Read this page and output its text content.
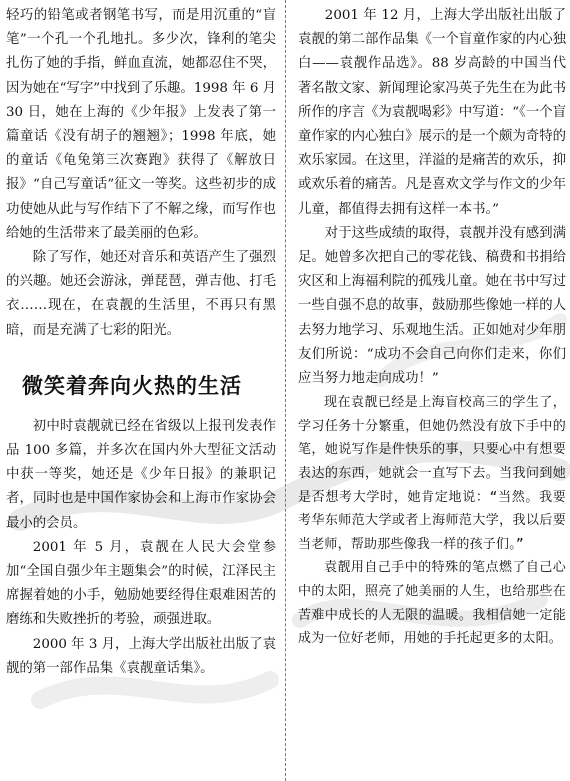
轻巧的铅笔或者钢笔书写，而是用沉重的“盲笔”一个孔一个孔地扎。多少次，锋利的笔尖扎伤了她的手指，鲜血直流，她都忍住不哭，因为她在“写字”中找到了乐趣。1998 年 6 月 30 日，她在上海的《少年报》上发表了第一篇童话《没有胡子的翘翘》；1998 年底，她的童话《龟兔第三次赛跑》获得了《解放日报》“自己写童话”征文一等奖。这些初步的成功使她从此与写作结下了不解之缘，而写作也给她的生活带来了最美丽的色彩。

除了写作，她还对音乐和英语产生了强烈的兴趣。她还会游泳，弹琵琶，弹吉他、打毛衣……现在，在袁靓的生活里，不再只有黑暗，而是充满了七彩的阳光。

微笑着奔向火热的生活

初中时袁靓就已经在省级以上报刊发表作品 100 多篇，并多次在国内外大型征文活动中获一等奖，她还是《少年日报》的兼职记者，同时也是中国作家协会和上海市作家协会最小的会员。

2001 年 5 月，袁靓在人民大会堂参加“全国自强少年主题集会”的时候，江泽民主席握着她的小手，勉励她要经得住艰难困苦的磨练和失败挫折的考验，顽强进取。

2000 年 3 月，上海大学出版社出版了袁靓的第一部作品集《袁靓童话集》。

2001 年 12 月，上海大学出版社出版了袁靓的第二部作品集《一个盲童作家的内心独白——袁靓作品选》。88 岁高龄的中国当代著名散文家、新闻理论家冯英子先生在为此书所作的序言《为袁靓喝彩》中写道：“《一个盲童作家的内心独白》展示的是一个颇为奇特的欢乐家园。在这里，洋溢的是痛苦的欢乐，抑或欢乐着的痛苦。凡是喜欢文学与作文的少年儿童，都值得去拥有这样一本书。”

对于这些成绩的取得，袁靓并没有感到满足。她曾多次把自己的零花钱、稿费和书捐给灾区和上海福利院的孤残儿童。她在书中写过一些自强不息的故事，鼓励那些像她一样的人去努力地学习、乐观地生活。正如她对少年朋友们所说：“成功不会自己向你们走来，你们应当努力地走向成功！”

现在袁靓已经是上海盲校高三的学生了，学习任务十分繁重，但她仍然没有放下手中的笔，她说写作是件快乐的事，只要心中有想要表达的东西，她就会一直写下去。当我问到她是否想考大学时，她肯定地说：“当然。我要考华东师范大学或者上海师范大学，我以后要当老师，帮助那些像我一样的孩子们。”

袁靓用自己手中的特殊的笔点燃了自己心中的太阳，照亮了她美丽的人生，也给那些在苦难中成长的人无限的温暖。我相信她一定能成为一位好老师，用她的手托起更多的太阳。
